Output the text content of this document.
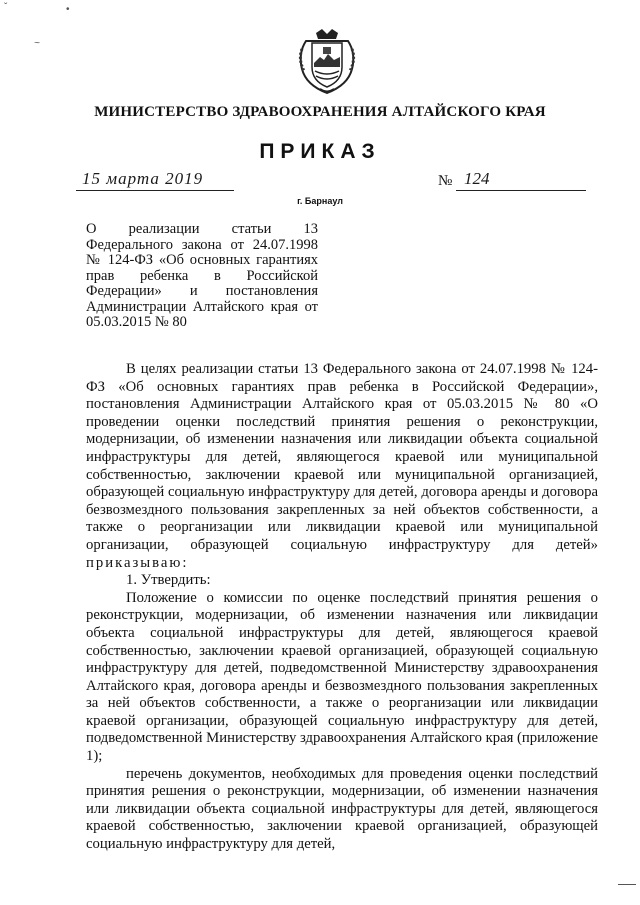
ˇ	•
~
МИНИСТЕРСТВО ЗДРАВООХРАНЕНИЯ АЛТАЙСКОГО КРАЯ
ПРИКАЗ
15 марта 2019	№ 124
г. Барнаул
О реализации статьи 13 Федерального закона от 24.07.1998 № 124-ФЗ «Об основных гарантиях прав ребенка в Российской Федерации» и постановления Администрации Алтайского края от 05.03.2015 № 80

В целях реализации статьи 13 Федерального закона от 24.07.1998 № 124-ФЗ «Об основных гарантиях прав ребенка в Российской Федерации», постановления Администрации Алтайского края от 05.03.2015 № 80 «О проведении оценки последствий принятия решения о реконструкции, модернизации, об изменении назначения или ликвидации объекта социальной инфраструктуры для детей, являющегося краевой или муниципальной собственностью, заключении краевой или муниципальной организацией, образующей социальную инфраструктуру для детей, договора аренды и договора безвозмездного пользования закрепленных за ней объектов собственности, а также о реорганизации или ликвидации краевой или муниципальной организации, образующей социальную инфраструктуру для детей» приказываю:

1. Утвердить:

Положение о комиссии по оценке последствий принятия решения о реконструкции, модернизации, об изменении назначения или ликвидации объекта социальной инфраструктуры для детей, являющегося краевой собственностью, заключении краевой организацией, образующей социальную инфраструктуру для детей, подведомственной Министерству здравоохранения Алтайского края, договора аренды и безвозмездного пользования закрепленных за ней объектов собственности, а также о реорганизации или ликвидации краевой организации, образующей социальную инфраструктуру для детей, подведомственной Министерству здравоохранения Алтайского края (приложение 1);

перечень документов, необходимых для проведения оценки последствий принятия решения о реконструкции, модернизации, об изменении назначения или ликвидации объекта социальной инфраструктуры для детей, являющегося краевой собственностью, заключении краевой организацией, образующей социальную инфраструктуру для детей,
